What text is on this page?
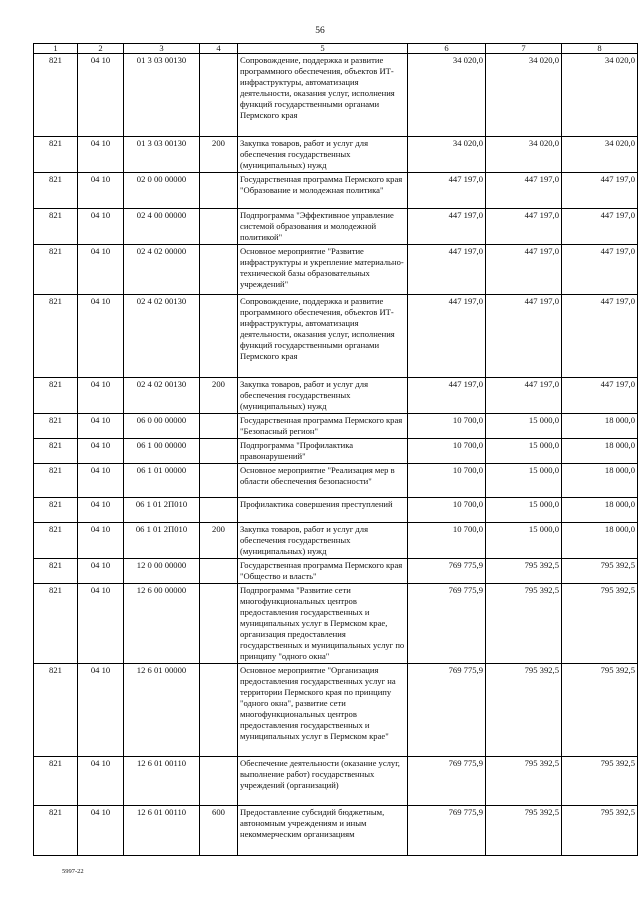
56
1	2	3	4	5	6	7	8
821	04 10	01 3 03 00130		Сопровождение, поддержка и развитие программного обеспечения, объектов ИТ-инфраструктуры, автоматизация деятельности, оказания услуг, исполнения функций государственными органами Пермского края	34 020,0	34 020,0	34 020,0
821	04 10	01 3 03 00130	200	Закупка товаров, работ и услуг для обеспечения государственных (муниципальных) нужд	34 020,0	34 020,0	34 020,0
821	04 10	02 0 00 00000		Государственная программа Пермского края "Образование и молодежная политика"	447 197,0	447 197,0	447 197,0
821	04 10	02 4 00 00000		Подпрограмма "Эффективное управление системой образования и молодежной политикой"	447 197,0	447 197,0	447 197,0
821	04 10	02 4 02 00000		Основное мероприятие "Развитие инфраструктуры и укрепление материально-технической базы образовательных учреждений"	447 197,0	447 197,0	447 197,0
821	04 10	02 4 02 00130		Сопровождение, поддержка и развитие программного обеспечения, объектов ИТ-инфраструктуры, автоматизация деятельности, оказания услуг, исполнения функций государственными органами Пермского края	447 197,0	447 197,0	447 197,0
821	04 10	02 4 02 00130	200	Закупка товаров, работ и услуг для обеспечения государственных (муниципальных) нужд	447 197,0	447 197,0	447 197,0
821	04 10	06 0 00 00000		Государственная программа Пермского края "Безопасный регион"	10 700,0	15 000,0	18 000,0
821	04 10	06 1 00 00000		Подпрограмма "Профилактика правонарушений"	10 700,0	15 000,0	18 000,0
821	04 10	06 1 01 00000		Основное мероприятие "Реализация мер в области обеспечения безопасности"	10 700,0	15 000,0	18 000,0
821	04 10	06 1 01 2П010		Профилактика совершения преступлений	10 700,0	15 000,0	18 000,0
821	04 10	06 1 01 2П010	200	Закупка товаров, работ и услуг для обеспечения государственных (муниципальных) нужд	10 700,0	15 000,0	18 000,0
821	04 10	12 0 00 00000		Государственная программа Пермского края "Общество и власть"	769 775,9	795 392,5	795 392,5
821	04 10	12 6 00 00000		Подпрограмма "Развитие сети многофункциональных центров предоставления государственных и муниципальных услуг в Пермском крае, организация предоставления государственных и муниципальных услуг по принципу "одного окна"	769 775,9	795 392,5	795 392,5
821	04 10	12 6 01 00000		Основное мероприятие "Организация предоставления государственных услуг на территории Пермского края по принципу "одного окна", развитие сети многофункциональных центров предоставления государственных и муниципальных услуг в Пермском крае"	769 775,9	795 392,5	795 392,5
821	04 10	12 6 01 00110		Обеспечение деятельности (оказание услуг, выполнение работ) государственных учреждений (организаций)	769 775,9	795 392,5	795 392,5
821	04 10	12 6 01 00110	600	Предоставление субсидий бюджетным, автономным учреждениям и иным некоммерческим организациям	769 775,9	795 392,5	795 392,5
5997-22
